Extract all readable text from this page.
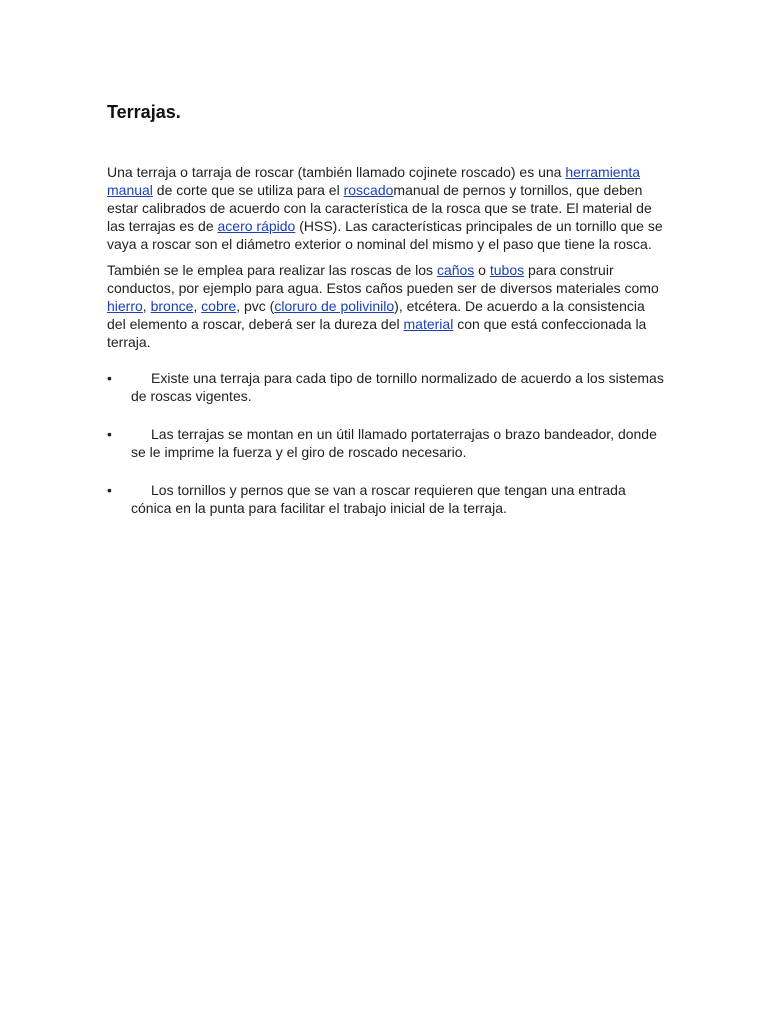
Terrajas.

Una terraja o tarraja de roscar (también llamado cojinete roscado) es una herramienta manual de corte que se utiliza para el roscadomanual de pernos y tornillos, que deben estar calibrados de acuerdo con la característica de la rosca que se trate. El material de las terrajas es de acero rápido (HSS). Las características principales de un tornillo que se vaya a roscar son el diámetro exterior o nominal del mismo y el paso que tiene la rosca.

También se le emplea para realizar las roscas de los caños o tubos para construir conductos, por ejemplo para agua. Estos caños pueden ser de diversos materiales como hierro, bronce, cobre, pvc (cloruro de polivinilo), etcétera. De acuerdo a la consistencia del elemento a roscar, deberá ser la dureza del material con que está confeccionada la terraja.

•	Existe una terraja para cada tipo de tornillo normalizado de acuerdo a los sistemas de roscas vigentes.
•	Las terrajas se montan en un útil llamado portaterrajas o brazo bandeador, donde se le imprime la fuerza y el giro de roscado necesario.
•	Los tornillos y pernos que se van a roscar requieren que tengan una entrada cónica en la punta para facilitar el trabajo inicial de la terraja.
